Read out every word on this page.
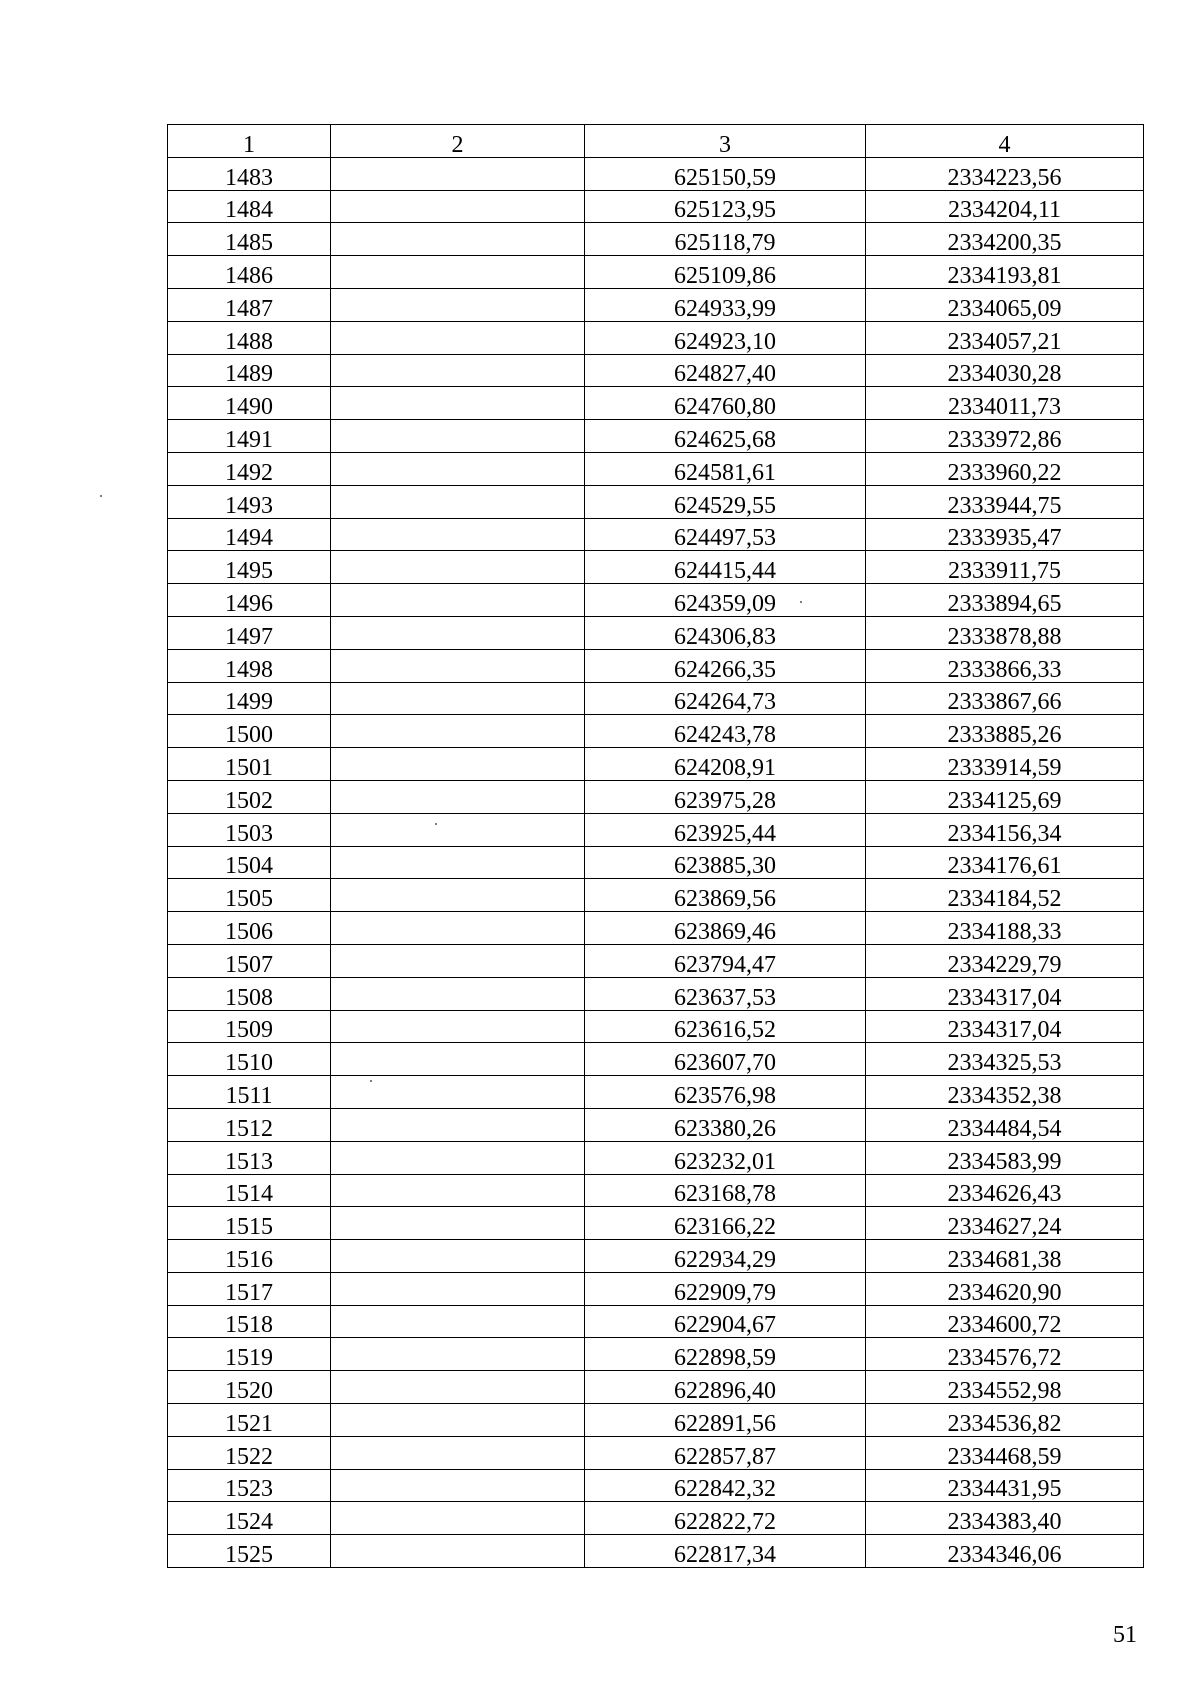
1	2	3	4
1483		625150,59	2334223,56
1484		625123,95	2334204,11
1485		625118,79	2334200,35
1486		625109,86	2334193,81
1487		624933,99	2334065,09
1488		624923,10	2334057,21
1489		624827,40	2334030,28
1490		624760,80	2334011,73
1491		624625,68	2333972,86
1492		624581,61	2333960,22
1493		624529,55	2333944,75
1494		624497,53	2333935,47
1495		624415,44	2333911,75
1496		624359,09	2333894,65
1497		624306,83	2333878,88
1498		624266,35	2333866,33
1499		624264,73	2333867,66
1500		624243,78	2333885,26
1501		624208,91	2333914,59
1502		623975,28	2334125,69
1503		623925,44	2334156,34
1504		623885,30	2334176,61
1505		623869,56	2334184,52
1506		623869,46	2334188,33
1507		623794,47	2334229,79
1508		623637,53	2334317,04
1509		623616,52	2334317,04
1510		623607,70	2334325,53
1511		623576,98	2334352,38
1512		623380,26	2334484,54
1513		623232,01	2334583,99
1514		623168,78	2334626,43
1515		623166,22	2334627,24
1516		622934,29	2334681,38
1517		622909,79	2334620,90
1518		622904,67	2334600,72
1519		622898,59	2334576,72
1520		622896,40	2334552,98
1521		622891,56	2334536,82
1522		622857,87	2334468,59
1523		622842,32	2334431,95
1524		622822,72	2334383,40
1525		622817,34	2334346,06
51
